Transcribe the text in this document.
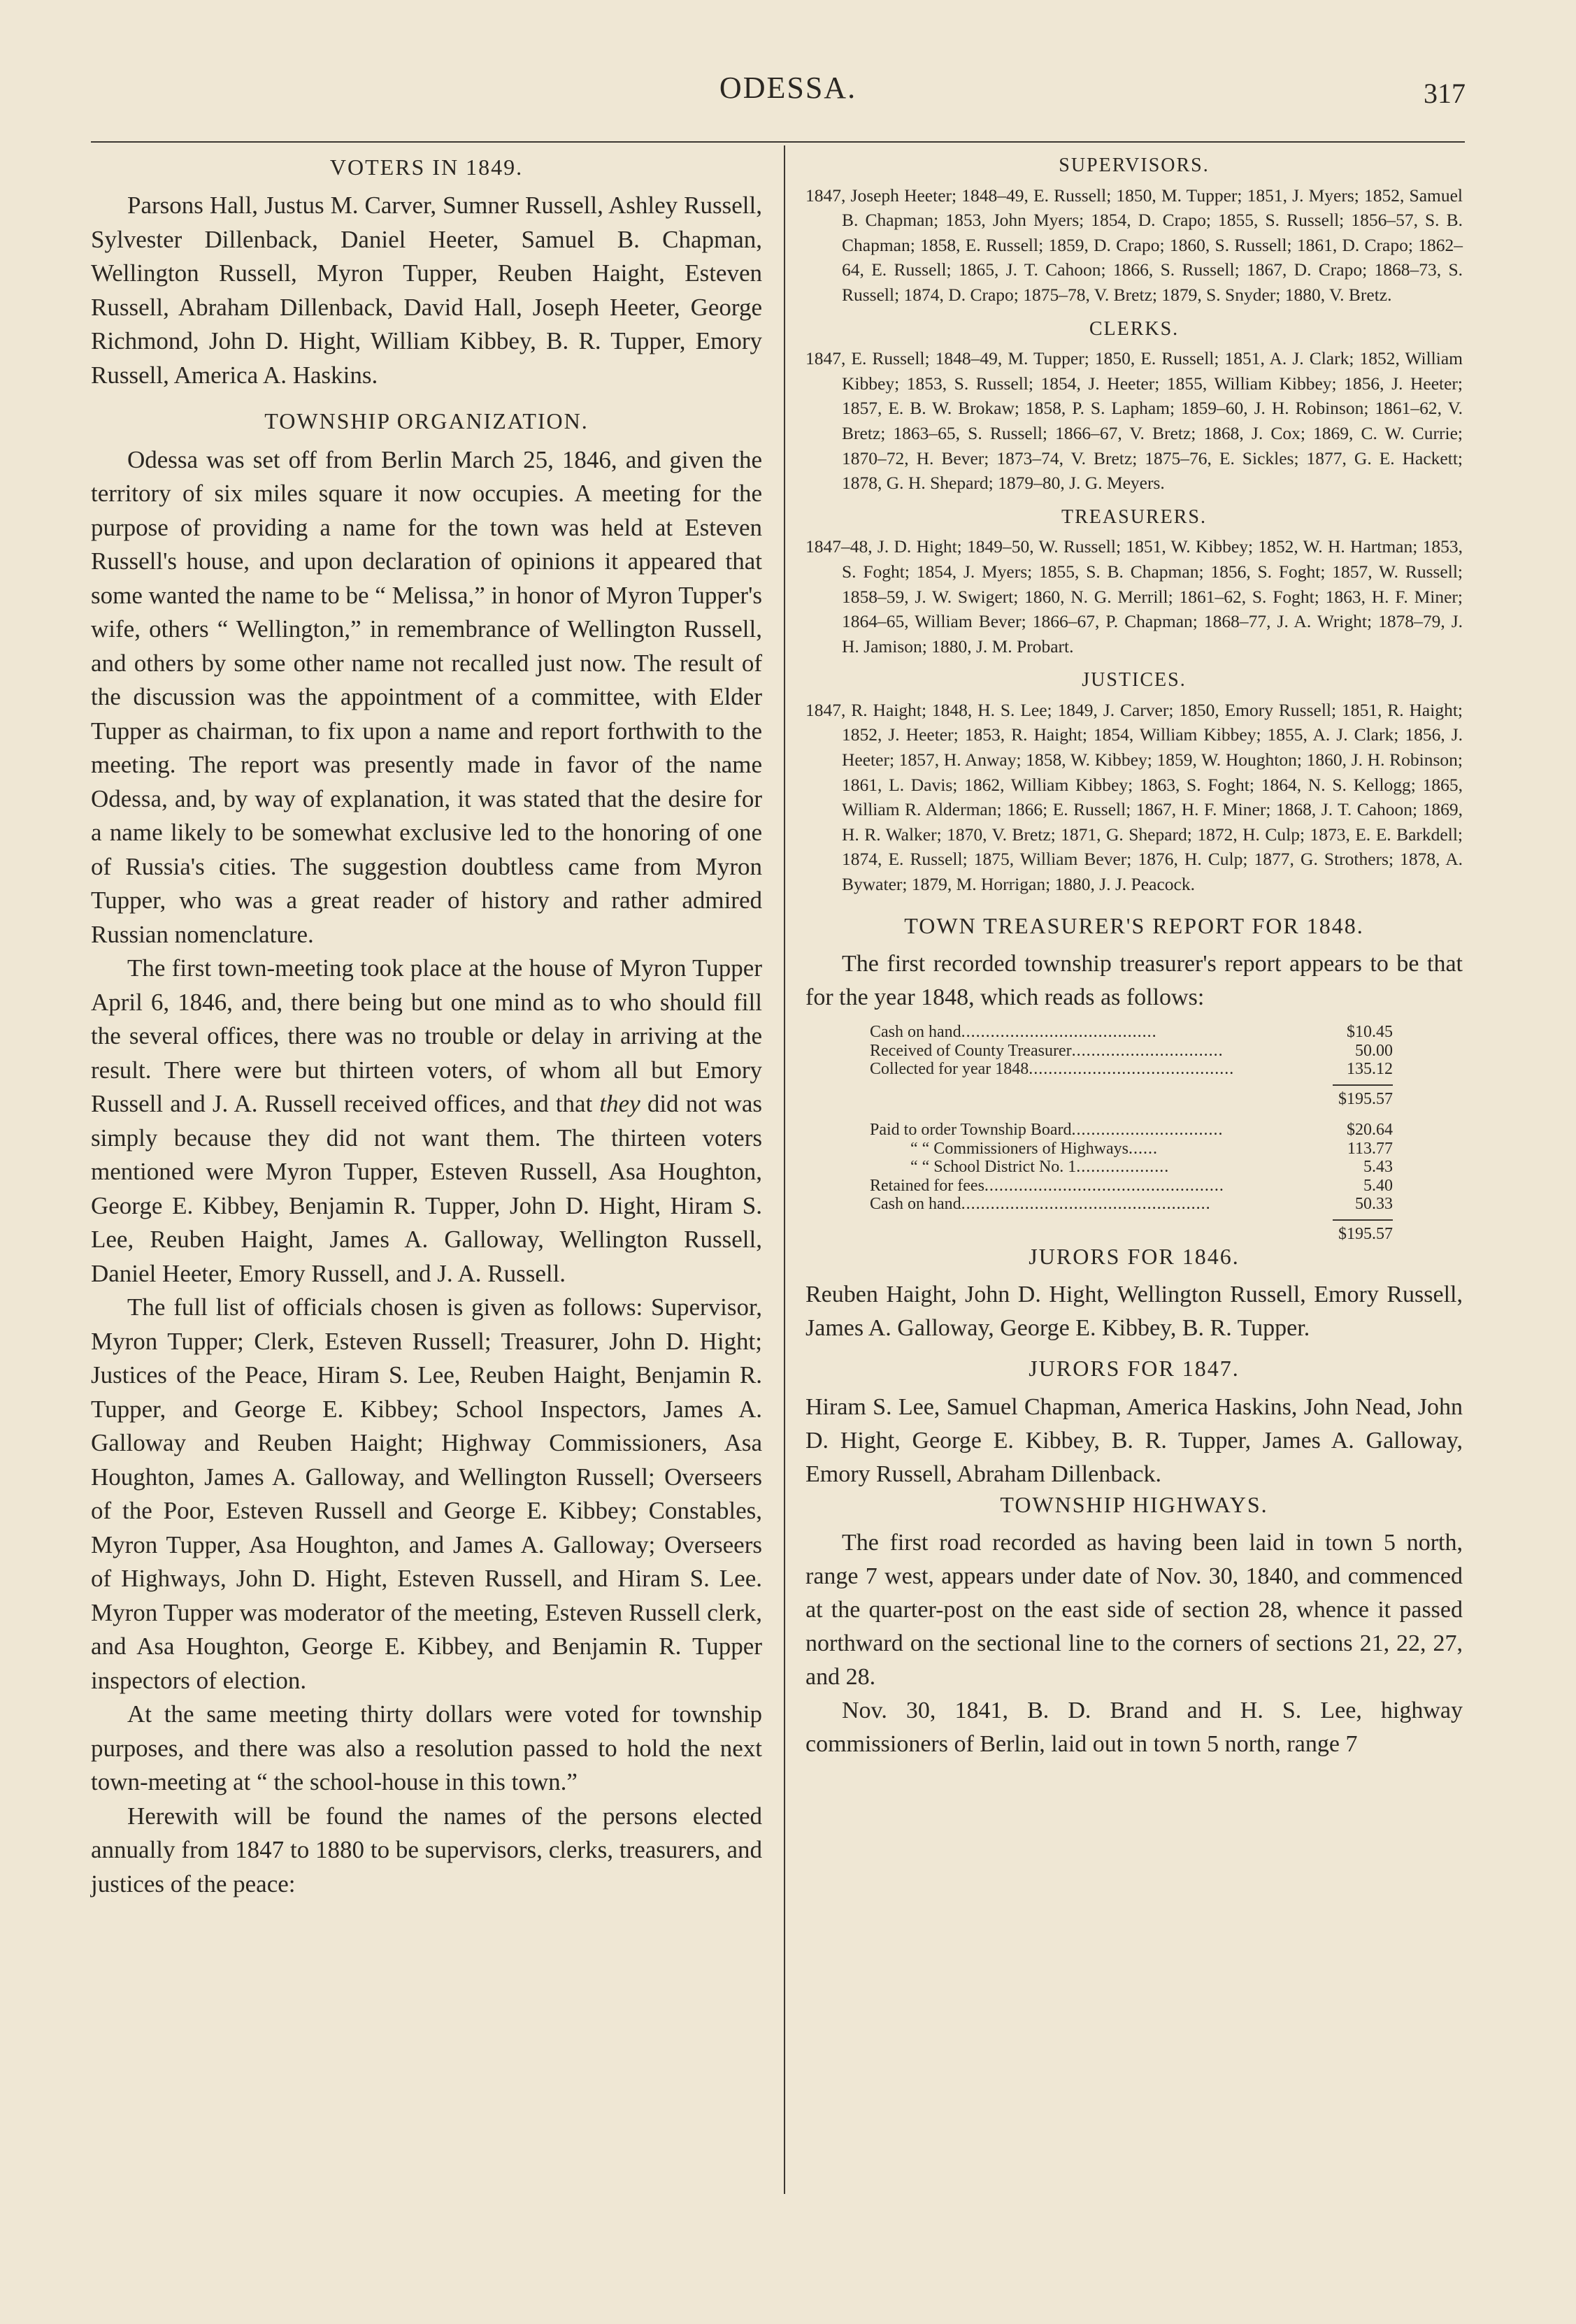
ODESSA.	317
VOTERS IN 1849.

Parsons Hall, Justus M. Carver, Sumner Russell, Ashley Russell, Sylvester Dillenback, Daniel Heeter, Samuel B. Chapman, Wellington Russell, Myron Tupper, Reuben Haight, Esteven Russell, Abraham Dillenback, David Hall, Joseph Heeter, George Richmond, John D. Hight, William Kibbey, B. R. Tupper, Emory Russell, America A. Haskins.

TOWNSHIP ORGANIZATION.

Odessa was set off from Berlin March 25, 1846, and given the territory of six miles square it now occupies. A meeting for the purpose of providing a name for the town was held at Esteven Russell's house, and upon declaration of opinions it appeared that some wanted the name to be “ Melissa,” in honor of Myron Tupper's wife, others “ Wellington,” in remembrance of Wellington Russell, and others by some other name not recalled just now. The result of the discussion was the appointment of a committee, with Elder Tupper as chairman, to fix upon a name and report forthwith to the meeting. The report was presently made in favor of the name Odessa, and, by way of explanation, it was stated that the desire for a name likely to be somewhat exclusive led to the honoring of one of Russia's cities. The suggestion doubtless came from Myron Tupper, who was a great reader of history and rather admired Russian nomenclature.

The first town-meeting took place at the house of Myron Tupper April 6, 1846, and, there being but one mind as to who should fill the several offices, there was no trouble or delay in arriving at the result. There were but thirteen voters, of whom all but Emory Russell and J. A. Russell received offices, and that they did not was simply because they did not want them. The thirteen voters mentioned were Myron Tupper, Esteven Russell, Asa Houghton, George E. Kibbey, Benjamin R. Tupper, John D. Hight, Hiram S. Lee, Reuben Haight, James A. Galloway, Wellington Russell, Daniel Heeter, Emory Russell, and J. A. Russell.

The full list of officials chosen is given as follows: Supervisor, Myron Tupper; Clerk, Esteven Russell; Treasurer, John D. Hight; Justices of the Peace, Hiram S. Lee, Reuben Haight, Benjamin R. Tupper, and George E. Kibbey; School Inspectors, James A. Galloway and Reuben Haight; Highway Commissioners, Asa Houghton, James A. Galloway, and Wellington Russell; Overseers of the Poor, Esteven Russell and George E. Kibbey; Constables, Myron Tupper, Asa Houghton, and James A. Galloway; Overseers of Highways, John D. Hight, Esteven Russell, and Hiram S. Lee. Myron Tupper was moderator of the meeting, Esteven Russell clerk, and Asa Houghton, George E. Kibbey, and Benjamin R. Tupper inspectors of election.

At the same meeting thirty dollars were voted for township purposes, and there was also a resolution passed to hold the next town-meeting at “ the school-house in this town.”

Herewith will be found the names of the persons elected annually from 1847 to 1880 to be supervisors, clerks, treasurers, and justices of the peace:

SUPERVISORS.

1847, Joseph Heeter; 1848–49, E. Russell; 1850, M. Tupper; 1851, J. Myers; 1852, Samuel B. Chapman; 1853, John Myers; 1854, D. Crapo; 1855, S. Russell; 1856–57, S. B. Chapman; 1858, E. Russell; 1859, D. Crapo; 1860, S. Russell; 1861, D. Crapo; 1862–64, E. Russell; 1865, J. T. Cahoon; 1866, S. Russell; 1867, D. Crapo; 1868–73, S. Russell; 1874, D. Crapo; 1875–78, V. Bretz; 1879, S. Snyder; 1880, V. Bretz.

CLERKS.

1847, E. Russell; 1848–49, M. Tupper; 1850, E. Russell; 1851, A. J. Clark; 1852, William Kibbey; 1853, S. Russell; 1854, J. Heeter; 1855, William Kibbey; 1856, J. Heeter; 1857, E. B. W. Brokaw; 1858, P. S. Lapham; 1859–60, J. H. Robinson; 1861–62, V. Bretz; 1863–65, S. Russell; 1866–67, V. Bretz; 1868, J. Cox; 1869, C. W. Currie; 1870–72, H. Bever; 1873–74, V. Bretz; 1875–76, E. Sickles; 1877, G. E. Hackett; 1878, G. H. Shepard; 1879–80, J. G. Meyers.

TREASURERS.

1847–48, J. D. Hight; 1849–50, W. Russell; 1851, W. Kibbey; 1852, W. H. Hartman; 1853, S. Foght; 1854, J. Myers; 1855, S. B. Chapman; 1856, S. Foght; 1857, W. Russell; 1858–59, J. W. Swigert; 1860, N. G. Merrill; 1861–62, S. Foght; 1863, H. F. Miner; 1864–65, William Bever; 1866–67, P. Chapman; 1868–77, J. A. Wright; 1878–79, J. H. Jamison; 1880, J. M. Probart.

JUSTICES.

1847, R. Haight; 1848, H. S. Lee; 1849, J. Carver; 1850, Emory Russell; 1851, R. Haight; 1852, J. Heeter; 1853, R. Haight; 1854, William Kibbey; 1855, A. J. Clark; 1856, J. Heeter; 1857, H. Anway; 1858, W. Kibbey; 1859, W. Houghton; 1860, J. H. Robinson; 1861, L. Davis; 1862, William Kibbey; 1863, S. Foght; 1864, N. S. Kellogg; 1865, William R. Alderman; 1866; E. Russell; 1867, H. F. Miner; 1868, J. T. Cahoon; 1869, H. R. Walker; 1870, V. Bretz; 1871, G. Shepard; 1872, H. Culp; 1873, E. E. Barkdell; 1874, E. Russell; 1875, William Bever; 1876, H. Culp; 1877, G. Strothers; 1878, A. Bywater; 1879, M. Horrigan; 1880, J. J. Peacock.

TOWN TREASURER'S REPORT FOR 1848.

The first recorded township treasurer's report appears to be that for the year 1848, which reads as follows:

Cash on hand........................................	$10.45
Received of County Treasurer...............................	50.00
Collected for year 1848..........................................	135.12
$195.57
Paid to order Township Board...............................	$20.64
“ “ Commissioners of Highways......	113.77
“ “ School District No. 1...................	5.43
Retained for fees.................................................	5.40
Cash on hand...................................................	50.33
$195.57
JURORS FOR 1846.

Reuben Haight, John D. Hight, Wellington Russell, Emory Russell, James A. Galloway, George E. Kibbey, B. R. Tupper.

JURORS FOR 1847.

Hiram S. Lee, Samuel Chapman, America Haskins, John Nead, John D. Hight, George E. Kibbey, B. R. Tupper, James A. Galloway, Emory Russell, Abraham Dillenback.

TOWNSHIP HIGHWAYS.

The first road recorded as having been laid in town 5 north, range 7 west, appears under date of Nov. 30, 1840, and commenced at the quarter-post on the east side of section 28, whence it passed northward on the sectional line to the corners of sections 21, 22, 27, and 28.

Nov. 30, 1841, B. D. Brand and H. S. Lee, highway commissioners of Berlin, laid out in town 5 north, range 7
